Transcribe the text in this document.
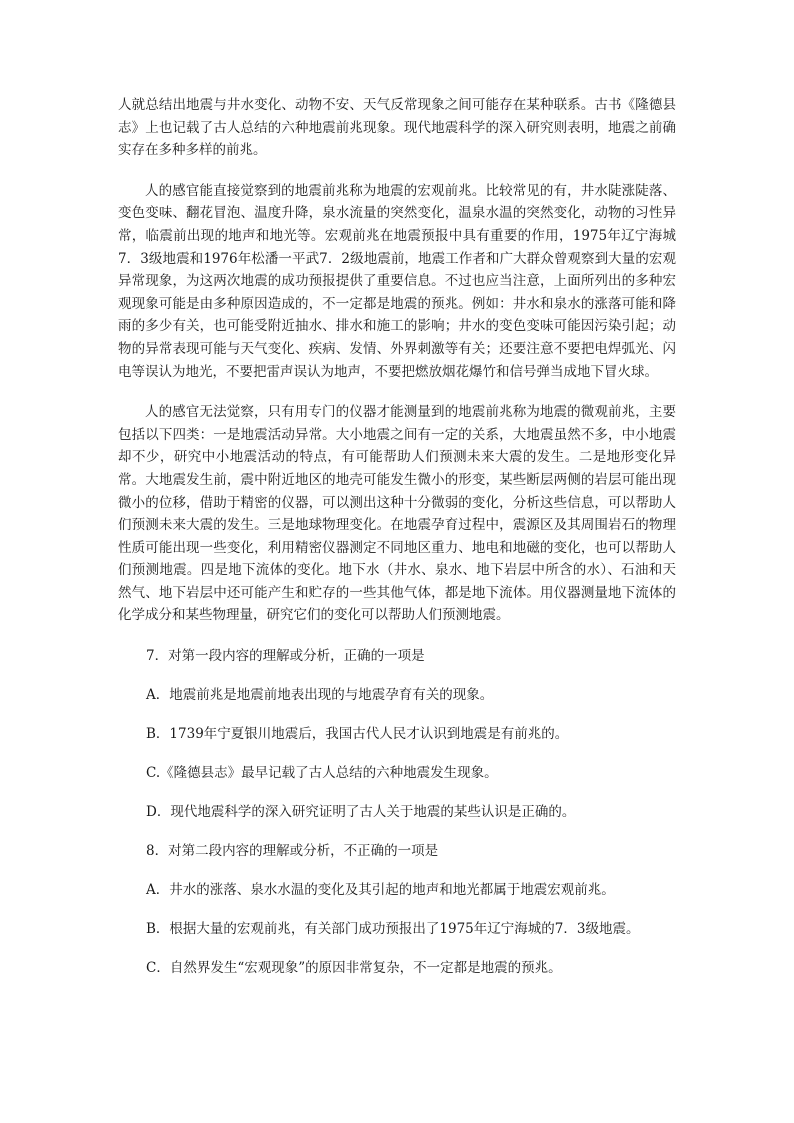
人就总结出地震与井水变化、动物不安、天气反常现象之间可能存在某种联系。古书《隆德县志》上也记载了古人总结的六种地震前兆现象。现代地震科学的深入研究则表明，地震之前确实存在多种多样的前兆。

人的感官能直接觉察到的地震前兆称为地震的宏观前兆。比较常见的有，井水陡涨陡落、变色变味、翻花冒泡、温度升降，泉水流量的突然变化，温泉水温的突然变化，动物的习性异常，临震前出现的地声和地光等。宏观前兆在地震预报中具有重要的作用，1975年辽宁海城7．3级地震和1976年松潘一平武7．2级地震前，地震工作者和广大群众曾观察到大量的宏观异常现象，为这两次地震的成功预报提供了重要信息。不过也应当注意，上面所列出的多种宏观现象可能是由多种原因造成的，不一定都是地震的预兆。例如：井水和泉水的涨落可能和降雨的多少有关，也可能受附近抽水、排水和施工的影响；井水的变色变味可能因污染引起；动物的异常表现可能与天气变化、疾病、发情、外界刺激等有关；还要注意不要把电焊弧光、闪电等误认为地光，不要把雷声误认为地声，不要把燃放烟花爆竹和信号弹当成地下冒火球。

人的感官无法觉察，只有用专门的仪器才能测量到的地震前兆称为地震的微观前兆，主要包括以下四类：一是地震活动异常。大小地震之间有一定的关系，大地震虽然不多，中小地震却不少，研究中小地震活动的特点，有可能帮助人们预测未来大震的发生。二是地形变化异常。大地震发生前，震中附近地区的地壳可能发生微小的形变，某些断层两侧的岩层可能出现微小的位移，借助于精密的仪器，可以测出这种十分微弱的变化，分析这些信息，可以帮助人们预测未来大震的发生。三是地球物理变化。在地震孕育过程中，震源区及其周围岩石的物理性质可能出现一些变化，利用精密仪器测定不同地区重力、地电和地磁的变化，也可以帮助人们预测地震。四是地下流体的变化。地下水（井水、泉水、地下岩层中所含的水）、石油和天然气、地下岩层中还可能产生和贮存的一些其他气体，都是地下流体。用仪器测量地下流体的化学成分和某些物理量，研究它们的变化可以帮助人们预测地震。

7．对第一段内容的理解或分析，正确的一项是

A．地震前兆是地震前地表出现的与地震孕育有关的现象。

B．1739年宁夏银川地震后，我国古代人民才认识到地震是有前兆的。

C.《隆德县志》最早记载了古人总结的六种地震发生现象。

D．现代地震科学的深入研究证明了古人关于地震的某些认识是正确的。

8．对第二段内容的理解或分析，不正确的一项是

A．井水的涨落、泉水水温的变化及其引起的地声和地光都属于地震宏观前兆。

B．根据大量的宏观前兆，有关部门成功预报出了1975年辽宁海城的7．3级地震。

C．自然界发生“宏观现象”的原因非常复杂，不一定都是地震的预兆。
